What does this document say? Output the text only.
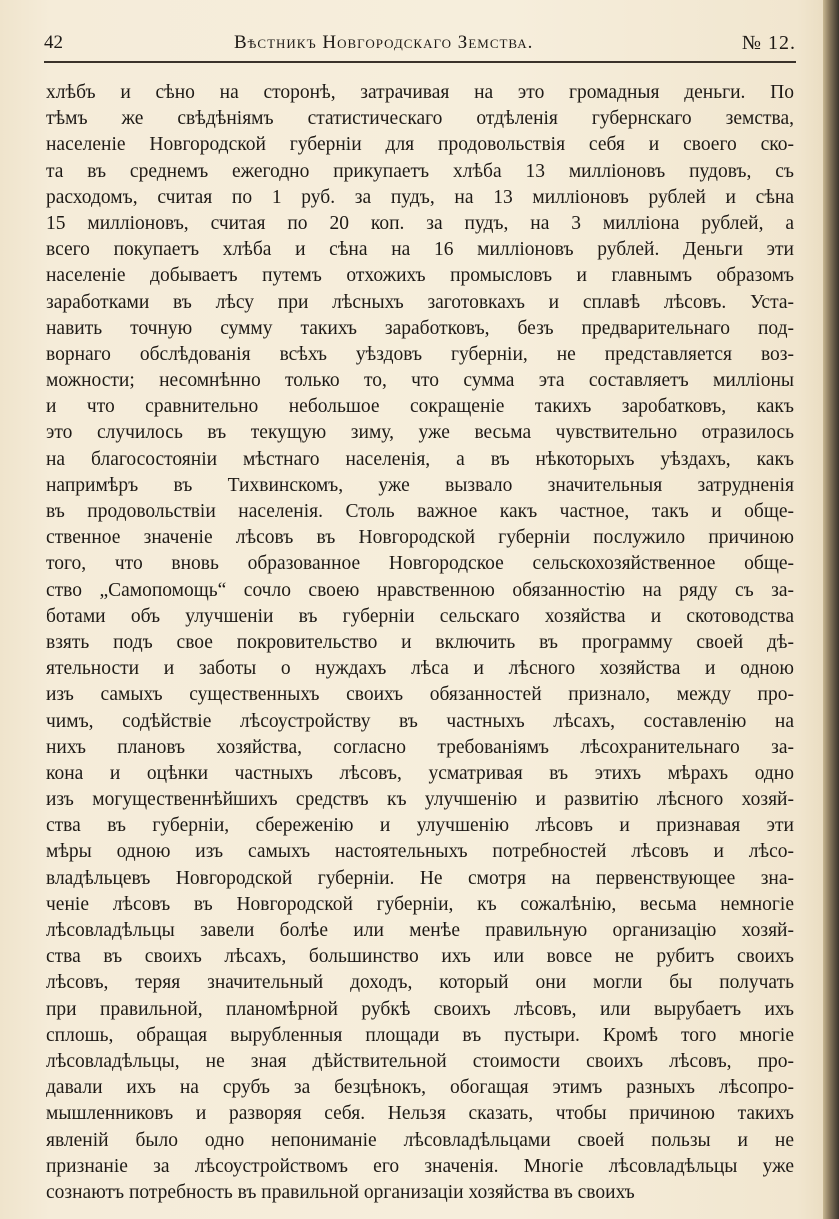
42	Вѣстникъ Новгородскаго Земства.	№ 12.
хлѣбъ и сѣно на сторонѣ, затрачивая на это громадныя деньги. По
тѣмъ же свѣдѣніямъ статистическаго отдѣленія губернскаго земства,
населеніе Новгородской губерніи для продовольствія себя и своего ско-
та въ среднемъ ежегодно прикупаетъ хлѣба 13 милліоновъ пудовъ, съ
расходомъ, считая по 1 руб. за пудъ, на 13 милліоновъ рублей и сѣна
15 милліоновъ, считая по 20 коп. за пудъ, на 3 милліона рублей, а
всего покупаетъ хлѣба и сѣна на 16 милліоновъ рублей. Деньги эти
населеніе добываетъ путемъ отхожихъ промысловъ и главнымъ образомъ
заработками въ лѣсу при лѣсныхъ заготовкахъ и сплавѣ лѣсовъ. Уста-
навить точную сумму такихъ заработковъ, безъ предварительнаго под-
ворнаго обслѣдованія всѣхъ уѣздовъ губерніи, не представляется воз-
можности; несомнѣнно только то, что сумма эта составляетъ милліоны
и что сравнительно небольшое сокращеніе такихъ заробатковъ, какъ
это случилось въ текущую зиму, уже весьма чувствительно отразилось
на благосостояніи мѣстнаго населенія, а въ нѣкоторыхъ уѣздахъ, какъ
напримѣръ въ Тихвинскомъ, уже вызвало значительныя затрудненія
въ продовольствіи населенія. Столь важное какъ частное, такъ и обще-
ственное значеніе лѣсовъ въ Новгородской губерніи послужило причиною
того, что вновь образованное Новгородское сельскохозяйственное обще-
ство „Самопомощь“ сочло своею нравственною обязанностію на ряду съ за-
ботами объ улучшеніи въ губерніи сельскаго хозяйства и скотоводства
взять подъ свое покровительство и включить въ программу своей дѣ-
ятельности и заботы о нуждахъ лѣса и лѣсного хозяйства и одною
изъ самыхъ существенныхъ своихъ обязанностей признало, между про-
чимъ, содѣйствіе лѣсоустройству въ частныхъ лѣсахъ, составленію на
нихъ плановъ хозяйства, согласно требованіямъ лѣсохранительнаго за-
кона и оцѣнки частныхъ лѣсовъ, усматривая въ этихъ мѣрахъ одно
изъ могущественнѣйшихъ средствъ къ улучшенію и развитію лѣсного хозяй-
ства въ губерніи, сбереженію и улучшенію лѣсовъ и признавая эти
мѣры одною изъ самыхъ настоятельныхъ потребностей лѣсовъ и лѣсо-
владѣльцевъ Новгородской губерніи. Не смотря на первенствующее зна-
ченіе лѣсовъ въ Новгородской губерніи, къ сожалѣнію, весьма немногіе
лѣсовладѣльцы завели болѣе или менѣе правильную организацію хозяй-
ства въ своихъ лѣсахъ, большинство ихъ или вовсе не рубитъ своихъ
лѣсовъ, теряя значительный доходъ, который они могли бы получать
при правильной, планомѣрной рубкѣ своихъ лѣсовъ, или вырубаетъ ихъ
сплошь, обращая вырубленныя площади въ пустыри. Кромѣ того многіе
лѣсовладѣльцы, не зная дѣйствительной стоимости своихъ лѣсовъ, про-
давали ихъ на срубъ за безцѣнокъ, обогащая этимъ разныхъ лѣсопро-
мышленниковъ и разворяя себя. Нельзя сказать, чтобы причиною такихъ
явленій было одно непониманіе лѣсовладѣльцами своей пользы и не
признаніе за лѣсоустройствомъ его значенія. Многіе лѣсовладѣльцы уже
сознаютъ потребность въ правильной организаціи хозяйства въ своихъ
